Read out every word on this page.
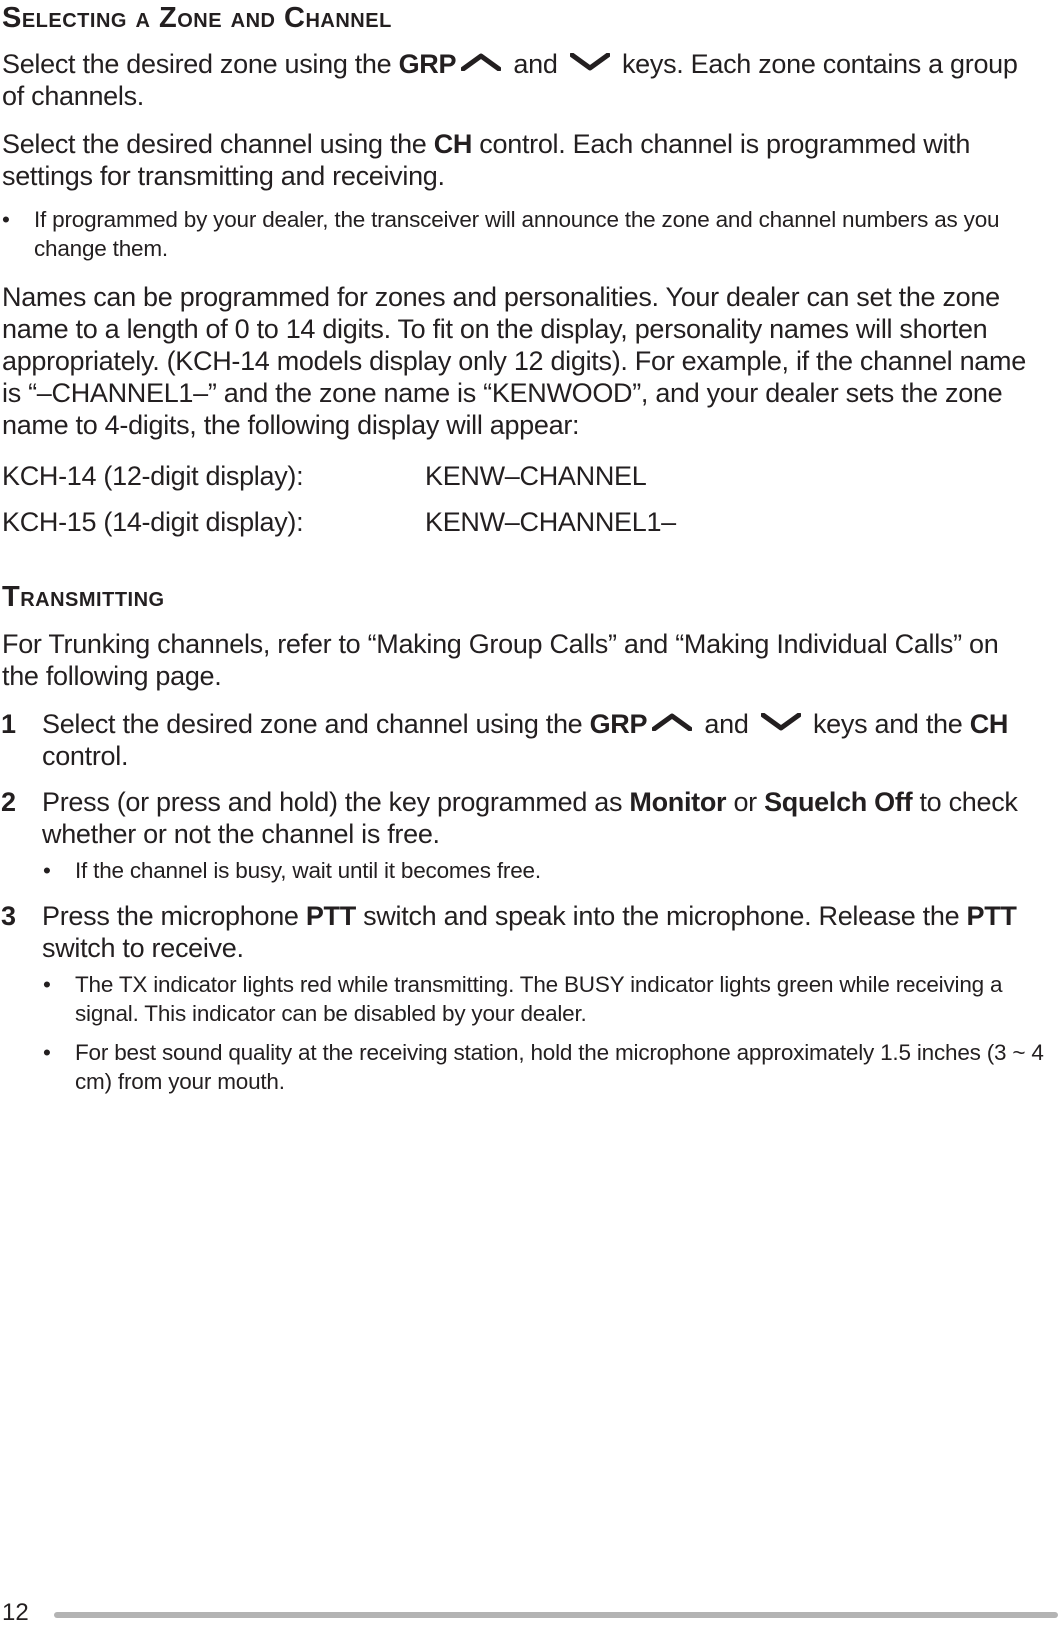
Selecting a Zone and Channel

Select the desired zone using the GRP and  keys. Each zone contains a group of channels.

Select the desired channel using the CH control. Each channel is programmed with settings for transmitting and receiving.

• If programmed by your dealer, the transceiver will announce the zone and channel numbers as you change them.

Names can be programmed for zones and personalities. Your dealer can set the zone name to a length of 0 to 14 digits. To fit on the display, personality names will shorten appropriately. (KCH-14 models display only 12 digits). For example, if the channel name is “–CHANNEL1–” and the zone name is “KENWOOD”, and your dealer sets the zone name to 4-digits, the following display will appear:

KCH-14 (12-digit display):	KENW–CHANNEL
KCH-15 (14-digit display):	KENW–CHANNEL1–
Transmitting

For Trunking channels, refer to “Making Group Calls” and “Making Individual Calls” on the following page.

1 Select the desired zone and channel using the GRP and  keys and the CH control.

2 Press (or press and hold) the key programmed as Monitor or Squelch Off to check whether or not the channel is free.

• If the channel is busy, wait until it becomes free.

3 Press the microphone PTT switch and speak into the microphone. Release the PTT switch to receive.

• The TX indicator lights red while transmitting. The BUSY indicator lights green while receiving a signal. This indicator can be disabled by your dealer.

• For best sound quality at the receiving station, hold the microphone approximately 1.5 inches (3 ~ 4 cm) from your mouth.

12
